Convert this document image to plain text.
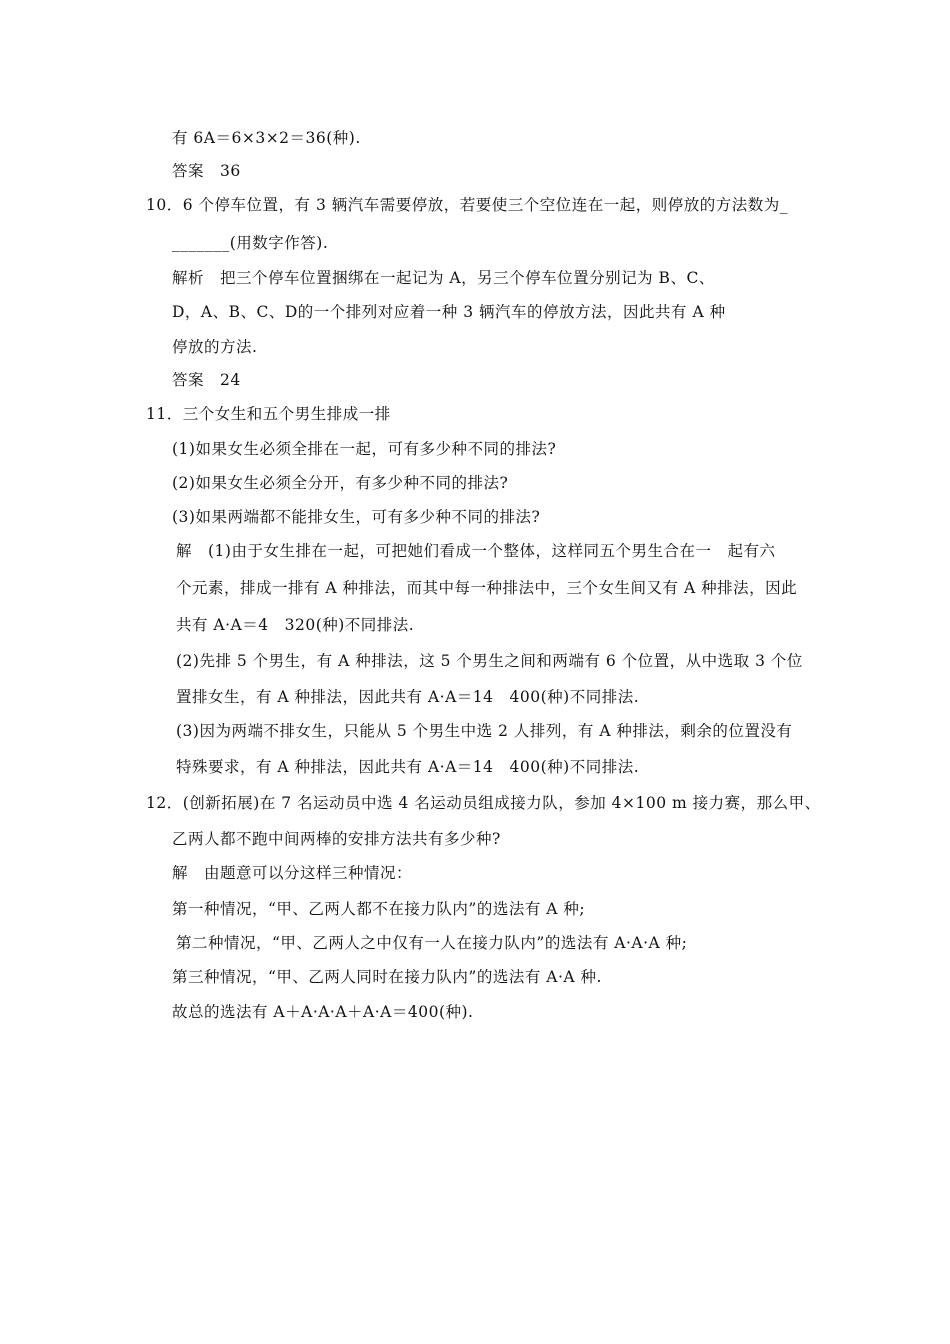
有 6A＝6×3×2＝36(种).
答案　36
10．6 个停车位置，有 3 辆汽车需要停放，若要使三个空位连在一起，则停放的方法数为_
_______(用数字作答).
解析　把三个停车位置捆绑在一起记为 A，另三个停车位置分别记为 B、C、
D，A、B、C、D的一个排列对应着一种 3 辆汽车的停放方法，因此共有 A 种
停放的方法.
答案　24
11．三个女生和五个男生排成一排
(1)如果女生必须全排在一起，可有多少种不同的排法?
(2)如果女生必须全分开，有多少种不同的排法?
(3)如果两端都不能排女生，可有多少种不同的排法?
解　(1)由于女生排在一起，可把她们看成一个整体，这样同五个男生合在一　起有六
个元素，排成一排有 A 种排法，而其中每一种排法中，三个女生间又有 A 种排法，因此
共有 A·A＝4　320(种)不同排法.
(2)先排 5 个男生，有 A 种排法，这 5 个男生之间和两端有 6 个位置，从中选取 3 个位
置排女生，有 A 种排法，因此共有 A·A＝14　400(种)不同排法.
(3)因为两端不排女生，只能从 5 个男生中选 2 人排列，有 A 种排法，剩余的位置没有
特殊要求，有 A 种排法，因此共有 A·A＝14　400(种)不同排法.
12．(创新拓展)在 7 名运动员中选 4 名运动员组成接力队，参加 4×100 m 接力赛，那么甲、
乙两人都不跑中间两棒的安排方法共有多少种?
解　由题意可以分这样三种情况：
第一种情况，“甲、乙两人都不在接力队内”的选法有 A 种;
第二种情况，“甲、乙两人之中仅有一人在接力队内”的选法有 A·A·A 种;
第三种情况，“甲、乙两人同时在接力队内”的选法有 A·A 种.
故总的选法有 A＋A·A·A＋A·A＝400(种).
